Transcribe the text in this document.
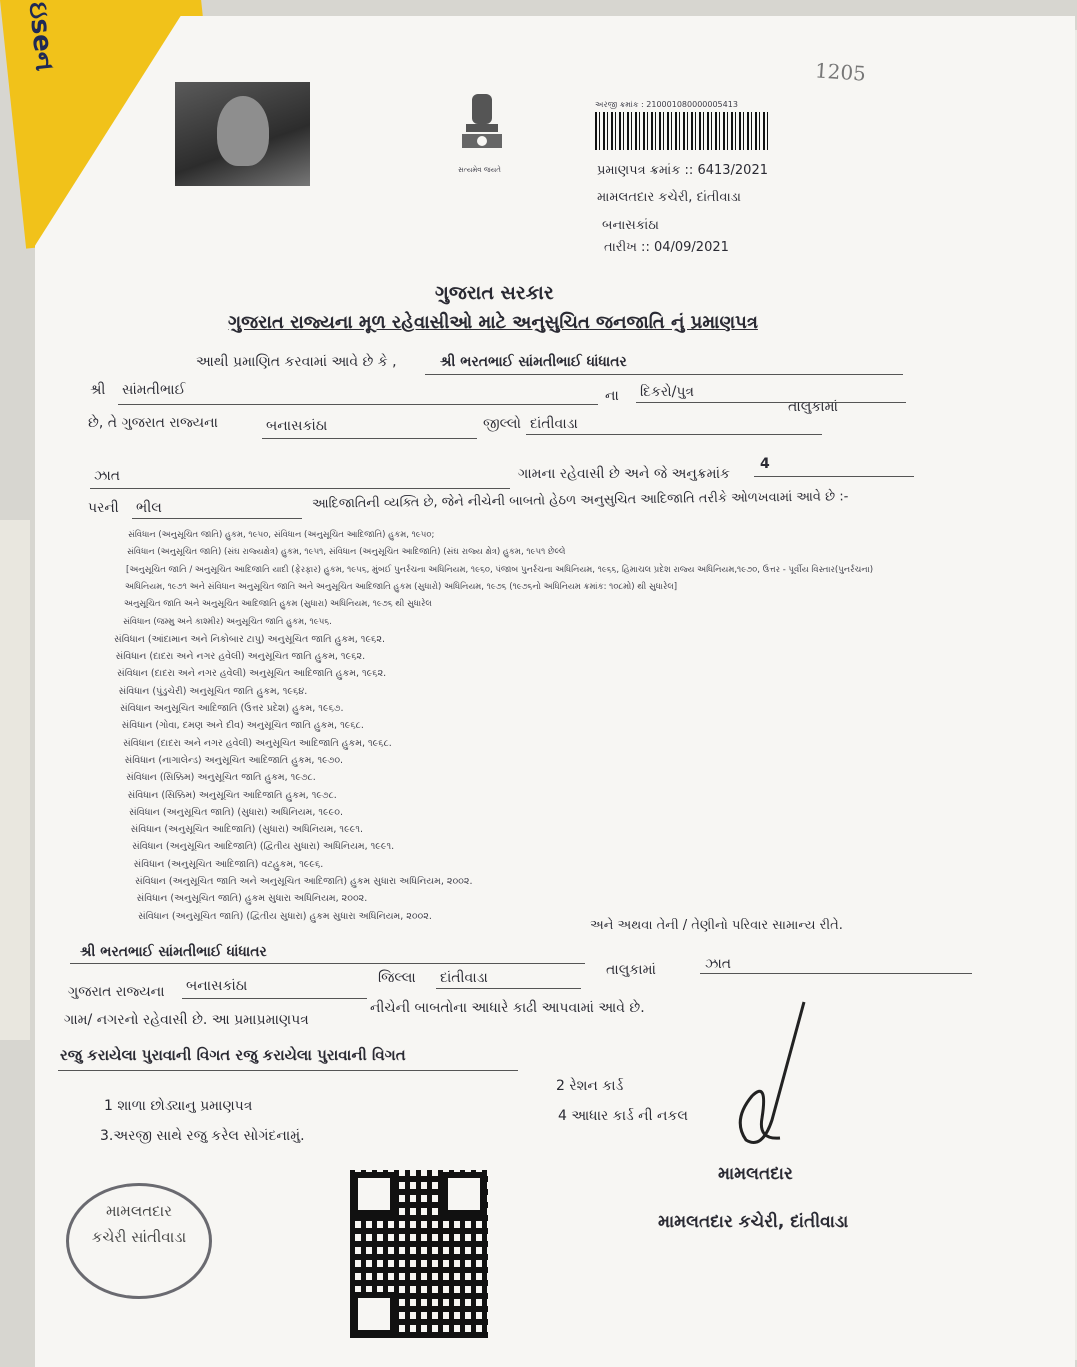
ઇseન	1205
સત્યમેવ જયતે
અરજી ક્રમાંક : 210001080000005413
પ્રમાણપત્ર ક્રમાંક :: 6413/2021
મામલતદાર કચેરી, દાંતીવાડા
બનાસકાંઠા
તારીખ :: 04/09/2021
ગુજરાત સરકાર
ગુજરાત રાજ્યના મૂળ રહેવાસીઓ માટે અનુસુચિત જનજાતિ નું પ્રમાણપત્ર
આથી પ્રમાણિત કરવામાં આવે છે કે ,	શ્રી ભરતભાઈ સાંમતીભાઈ ધાંધાતર
શ્રી સાંમતીભાઈ	ના દિકરો/પુત્ર
છે, તે ગુજરાત રાજ્યના	બનાસકાંઠા	જીલ્લો દાંતીવાડા
તાલુકામાં
ઝાત	ગામના રહેવાસી છે અને જે અનુક્રમાંક
4
પરની ભીલ	આદિજાતિની વ્યક્તિ છે, જેને નીચેની બાબતો હેઠળ અનુસુચિત આદિજાતિ તરીકે ઓળખવામાં આવે છે :-
સંવિધાન (અનુસૂચિત જાતિ) હુકમ, ૧૯૫૦, સંવિધાન (અનુસૂચિત આદિજાતિ) હુકમ, ૧૯૫૦;
સંવિધાન (અનુસૂચિત જાતિ) (સંઘ રાજ્યક્ષેત્ર) હુકમ, ૧૯૫૧, સંવિધાન (અનુસૂચિત આદિજાતિ) (સંઘ રાજ્ય ક્ષેત્ર) હુકમ, ૧૯૫૧ છેલ્લે
[અનુસૂચિત જાતિ / અનુસૂચિત આદિજાતિ યાદી (ફેરફાર) હુકમ, ૧૯૫૬, મુંબઈ પુનર્રચના અધિનિયમ, ૧૯૬૦, પંજાબ પુનર્રચના અધિનિયમ, ૧૯૬૬, હિમાચલ પ્રદેશ રાજ્ય અધિનિયમ,૧૯૭૦, ઉત્તર - પૂર્વીય વિસ્તાર(પુનર્રચના)
અધિનિયમ, ૧૯૭૧ અને સંવિધાન અનુસૂચિત જાતિ અને અનુસૂચિત આદિજાતિ હુકમ (સુધારો) અધિનિયમ, ૧૯૭૬ (૧૯૭૬નો અધિનિયમ ક્રમાંક: ૧૦૮મો) થી સુધારેલ]
અનુસૂચિત જાતિ અને અનુસૂચિત આદિજાતિ હુકમ (સુધારા) અધિનિયમ, ૧૯૭૬ થી સુધારેલ
સંવિધાન (જમ્મુ અને કાશ્મીર) અનુસૂચિત જાતિ હુકમ, ૧૯૫૬.
સંવિધાન (આંદામાન અને નિકોબાર ટાપુ) અનુસૂચિત જાતિ હુકમ, ૧૯૬૨.
સંવિધાન (દાદરા અને નગર હવેલી) અનુસૂચિત જાતિ હુકમ, ૧૯૬૨.
સંવિધાન (દાદરા અને નગર હવેલી) અનુસૂચિત આદિજાતિ હુકમ, ૧૯૬૨.
સંવિધાન (પુંડુચેરી) અનુસૂચિત જાતિ હુકમ, ૧૯૬૪.
સંવિધાન અનુસૂચિત આદિજાતિ (ઉત્તર પ્રદેશ) હુકમ, ૧૯૬૭.
સંવિધાન (ગોવા, દમણ અને દીવ) અનુસૂચિત જાતિ હુકમ, ૧૯૬૮.
સંવિધાન (દાદરા અને નગર હવેલી) અનુસૂચિત આદિજાતિ હુકમ, ૧૯૬૮.
સંવિધાન (નાગાલેન્ડ) અનુસૂચિત આદિજાતિ હુકમ, ૧૯૭૦.
સંવિધાન (સિક્કિમ) અનુસૂચિત જાતિ હુકમ, ૧૯૭૮.
સંવિધાન (સિક્કિમ) અનુસૂચિત આદિજાતિ હુકમ, ૧૯૭૮.
સંવિધાન (અનુસૂચિત જાતિ) (સુધારા) અધિનિયમ, ૧૯૯૦.
સંવિધાન (અનુસૂચિત આદિજાતિ) (સુધારા) અધિનિયમ, ૧૯૯૧.
સંવિધાન (અનુસૂચિત આદિજાતિ) (દ્વિતીય સુધારા) અધિનિયમ, ૧૯૯૧.
સંવિધાન (અનુસૂચિત આદિજાતિ) વટહુકમ, ૧૯૯૬.
સંવિધાન (અનુસૂચિત જાતિ અને અનુસૂચિત આદિજાતિ) હુકમ સુધારા અધિનિયમ, ૨૦૦૨.
સંવિધાન (અનુસૂચિત જાતિ) હુકમ સુધારા અધિનિયમ, ૨૦૦૨.
સંવિધાન (અનુસૂચિત જાતિ) (દ્વિતીય સુધારા) હુકમ સુધારા અધિનિયમ, ૨૦૦૨.
શ્રી ભરતભાઈ સાંમતીભાઈ ધાંધાતર
અને અથવા તેની / તેણીનો પરિવાર સામાન્ય રીતે.
ગુજરાત રાજ્યના બનાસકાંઠા	જિલ્લા દાંતીવાડા	તાલુકામાં	ઝાત
ગામ/ નગરનો રહેવાસી છે. આ પ્રમાપ્રમાણપત્ર
નીચેની બાબતોના આધારે કાઢી આપવામાં આવે છે.
રજુ કરાયેલા પુરાવાની વિગત રજુ કરાયેલા પુરાવાની વિગત
1 શાળા છોડ્યાનુ પ્રમાણપત્ર
2 રેશન કાર્ડ
3.અરજી સાથે રજુ કરેલ સોગંદનામું.
4 આધાર કાર્ડ ની નકલ
મામલતદાર
મામલતદાર કચેરી, દાંતીવાડા
મામલતદાર
કચેરી સાંતીવાડા
